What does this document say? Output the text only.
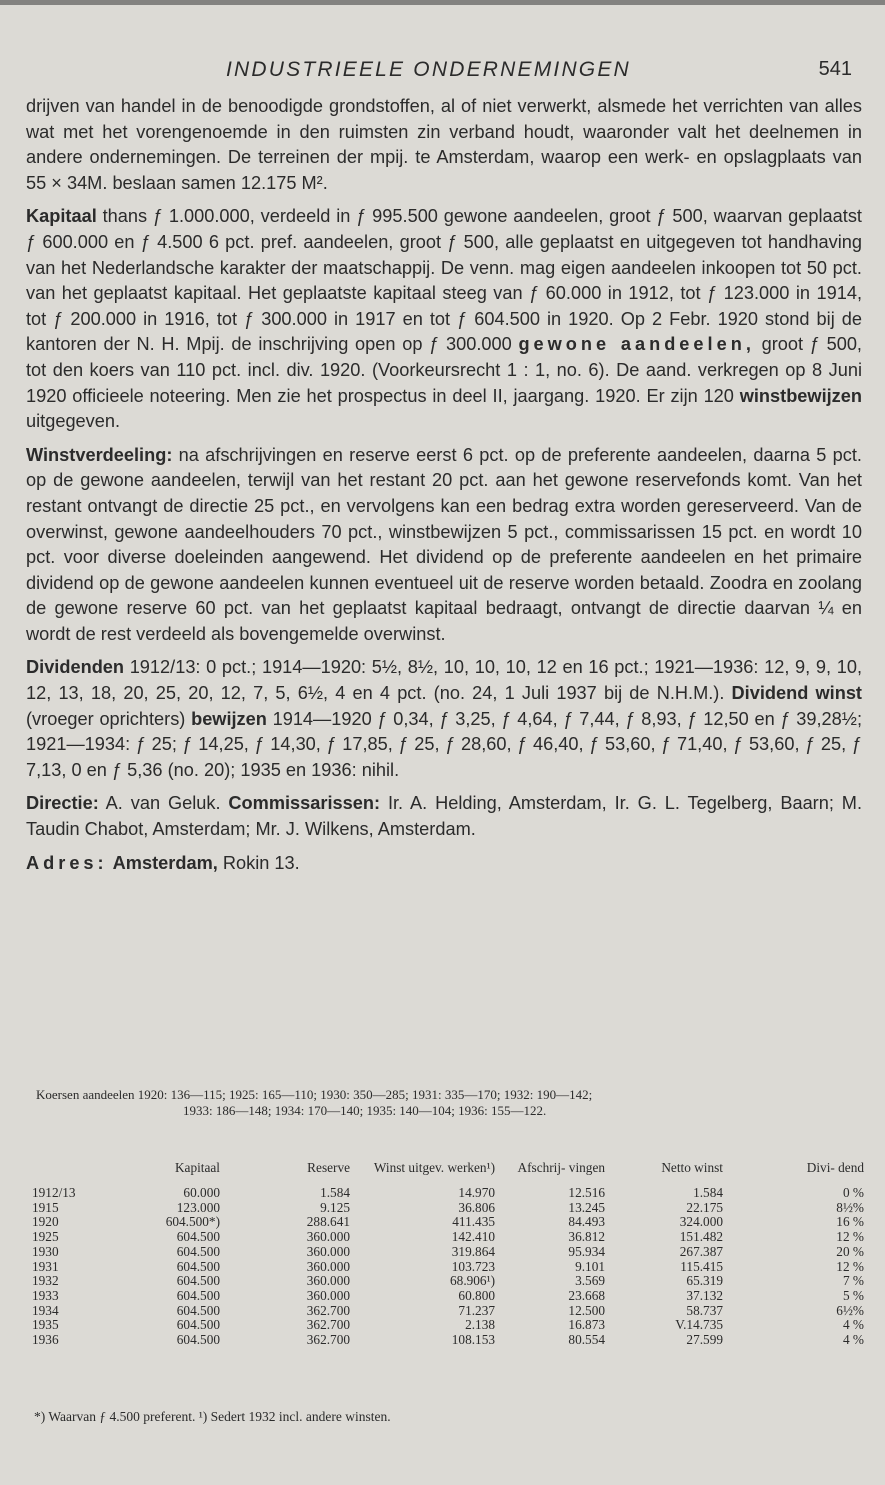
INDUSTRIEELE ONDERNEMINGEN	541

drijven van handel in de benoodigde grondstoffen, al of niet verwerkt, alsmede het verrichten van alles wat met het vorengenoemde in den ruimsten zin verband houdt, waaronder valt het deelnemen in andere ondernemingen. De terreinen der mpij. te Amsterdam, waarop een werk- en opslagplaats van 55 × 34M. beslaan samen 12.175 M².

Kapitaal thans ƒ 1.000.000, verdeeld in ƒ 995.500 gewone aandeelen, groot ƒ 500, waarvan geplaatst ƒ 600.000 en ƒ 4.500 6 pct. pref. aandeelen, groot ƒ 500, alle geplaatst en uitgegeven tot handhaving van het Nederlandsche karakter der maatschappij. De venn. mag eigen aandeelen inkoopen tot 50 pct. van het geplaatst kapitaal. Het geplaatste kapitaal steeg van ƒ 60.000 in 1912, tot ƒ 123.000 in 1914, tot ƒ 200.000 in 1916, tot ƒ 300.000 in 1917 en tot ƒ 604.500 in 1920. Op 2 Febr. 1920 stond bij de kantoren der N. H. Mpij. de inschrijving open op ƒ 300.000 gewone aandeelen, groot ƒ 500, tot den koers van 110 pct. incl. div. 1920. (Voorkeursrecht 1 : 1, no. 6). De aand. verkregen op 8 Juni 1920 officieele noteering. Men zie het prospectus in deel II, jaargang. 1920. Er zijn 120 winstbewijzen uitgegeven.

Winstverdeeling: na afschrijvingen en reserve eerst 6 pct. op de preferente aandeelen, daarna 5 pct. op de gewone aandeelen, terwijl van het restant 20 pct. aan het gewone reservefonds komt. Van het restant ontvangt de directie 25 pct., en vervolgens kan een bedrag extra worden gereserveerd. Van de overwinst, gewone aandeelhouders 70 pct., winstbewijzen 5 pct., commissarissen 15 pct. en wordt 10 pct. voor diverse doeleinden aangewend. Het dividend op de preferente aandeelen en het primaire dividend op de gewone aandeelen kunnen eventueel uit de reserve worden betaald. Zoodra en zoolang de gewone reserve 60 pct. van het geplaatst kapitaal bedraagt, ontvangt de directie daarvan ¼ en wordt de rest verdeeld als bovengemelde overwinst.

Dividenden 1912/13: 0 pct.; 1914—1920: 5½, 8½, 10, 10, 10, 12 en 16 pct.; 1921—1936: 12, 9, 9, 10, 12, 13, 18, 20, 25, 20, 12, 7, 5, 6½, 4 en 4 pct. (no. 24, 1 Juli 1937 bij de N.H.M.). Dividend winst (vroeger oprichters) bewijzen 1914—1920 ƒ 0,34, ƒ 3,25, ƒ 4,64, ƒ 7,44, ƒ 8,93, ƒ 12,50 en ƒ 39,28½; 1921—1934: ƒ 25; ƒ 14,25, ƒ 14,30, ƒ 17,85, ƒ 25, ƒ 28,60, ƒ 46,40, ƒ 53,60, ƒ 71,40, ƒ 53,60, ƒ 25, ƒ 7,13, 0 en ƒ 5,36 (no. 20); 1935 en 1936: nihil.

Directie: A. van Geluk. Commissarissen: Ir. A. Helding, Amsterdam, Ir. G. L. Tegelberg, Baarn; M. Taudin Chabot, Amsterdam; Mr. J. Wilkens, Amsterdam.

Adres: Amsterdam, Rokin 13.

Koersen aandeelen 1920: 136—115; 1925: 165—110; 1930: 350—285; 1931: 335—170; 1932: 190—142;
1933: 186—148; 1934: 170—140; 1935: 140—104; 1936: 155—122.
	Kapitaal	Reserve	Winst uitgev. werken¹)	Afschrij- vingen	Netto winst	Divi- dend
1912/13	60.000	1.584	14.970	12.516	1.584	0 %
1915	123.000	9.125	36.806	13.245	22.175	8½%
1920	604.500*)	288.641	411.435	84.493	324.000	16 %
1925	604.500	360.000	142.410	36.812	151.482	12 %
1930	604.500	360.000	319.864	95.934	267.387	20 %
1931	604.500	360.000	103.723	9.101	115.415	12 %
1932	604.500	360.000	68.906¹)	3.569	65.319	7 %
1933	604.500	360.000	60.800	23.668	37.132	5 %
1934	604.500	362.700	71.237	12.500	58.737	6½%
1935	604.500	362.700	2.138	16.873	V.14.735	4 %
1936	604.500	362.700	108.153	80.554	27.599	4 %
*) Waarvan ƒ 4.500 preferent. ¹) Sedert 1932 incl. andere winsten.
